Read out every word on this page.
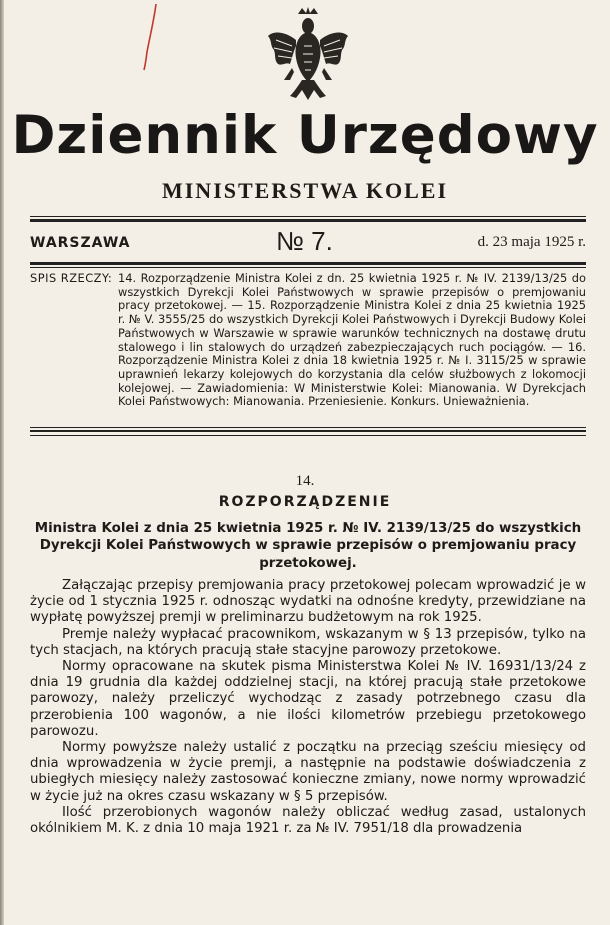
Dziennik Urzędowy
MINISTERSTWA KOLEI
WARSZAWA	№ 7.	d. 23 maja 1925 r.
SPIS RZECZY: 14. Rozporządzenie Ministra Kolei z dn. 25 kwietnia 1925 r. № IV. 2139/13/25 do wszystkich Dyrekcji Kolei Państwowych w sprawie przepisów o premjowaniu pracy przetokowej. — 15. Rozporządzenie Ministra Kolei z dnia 25 kwietnia 1925 r. № V. 3555/25 do wszystkich Dyrekcji Kolei Państwowych i Dyrekcji Budowy Kolei Państwowych w Warszawie w sprawie warunków technicznych na dostawę drutu stalowego i lin stalowych do urządzeń zabezpieczających ruch pociągów. — 16. Rozporządzenie Ministra Kolei z dnia 18 kwietnia 1925 r. № I. 3115/25 w sprawie uprawnień lekarzy kolejowych do korzystania dla celów służbowych z lokomocji kolejowej. — Zawiadomienia: W Ministerstwie Kolei: Mianowania. W Dyrekcjach Kolei Państwowych: Mianowania. Przeniesienie. Konkurs. Unieważnienia.
14.
ROZPORZĄDZENIE
Ministra Kolei z dnia 25 kwietnia 1925 r. № IV. 2139/13/25 do wszystkich Dyrekcji Kolei Państwowych w sprawie przepisów o premjowaniu pracy przetokowej.

Załączając przepisy premjowania pracy przetokowej polecam wprowadzić je w życie od 1 stycznia 1925 r. odnosząc wydatki na odnośne kredyty, przewidziane na wypłatę powyższej premji w preliminarzu budżetowym na rok 1925.

Premje należy wypłacać pracownikom, wskazanym w § 13 przepisów, tylko na tych stacjach, na których pracują stałe stacyjne parowozy przetokowe.

Normy opracowane na skutek pisma Ministerstwa Kolei № IV. 16931/13/24 z dnia 19 grudnia dla każdej oddzielnej stacji, na której pracują stałe przetokowe parowozy, należy przeliczyć wychodząc z zasady potrzebnego czasu dla przerobienia 100 wagonów, a nie ilości kilometrów przebiegu przetokowego parowozu.

Normy powyższe należy ustalić z początku na przeciąg sześciu miesięcy od dnia wprowadzenia w życie premji, a następnie na podstawie doświadczenia z ubiegłych miesięcy należy zastosować konieczne zmiany, nowe normy wprowadzić w życie już na okres czasu wskazany w § 5 przepisów.

Ilość przerobionych wagonów należy obliczać według zasad, ustalonych okólnikiem M. K. z dnia 10 maja 1921 r. za № IV. 7951/18 dla prowadzenia
